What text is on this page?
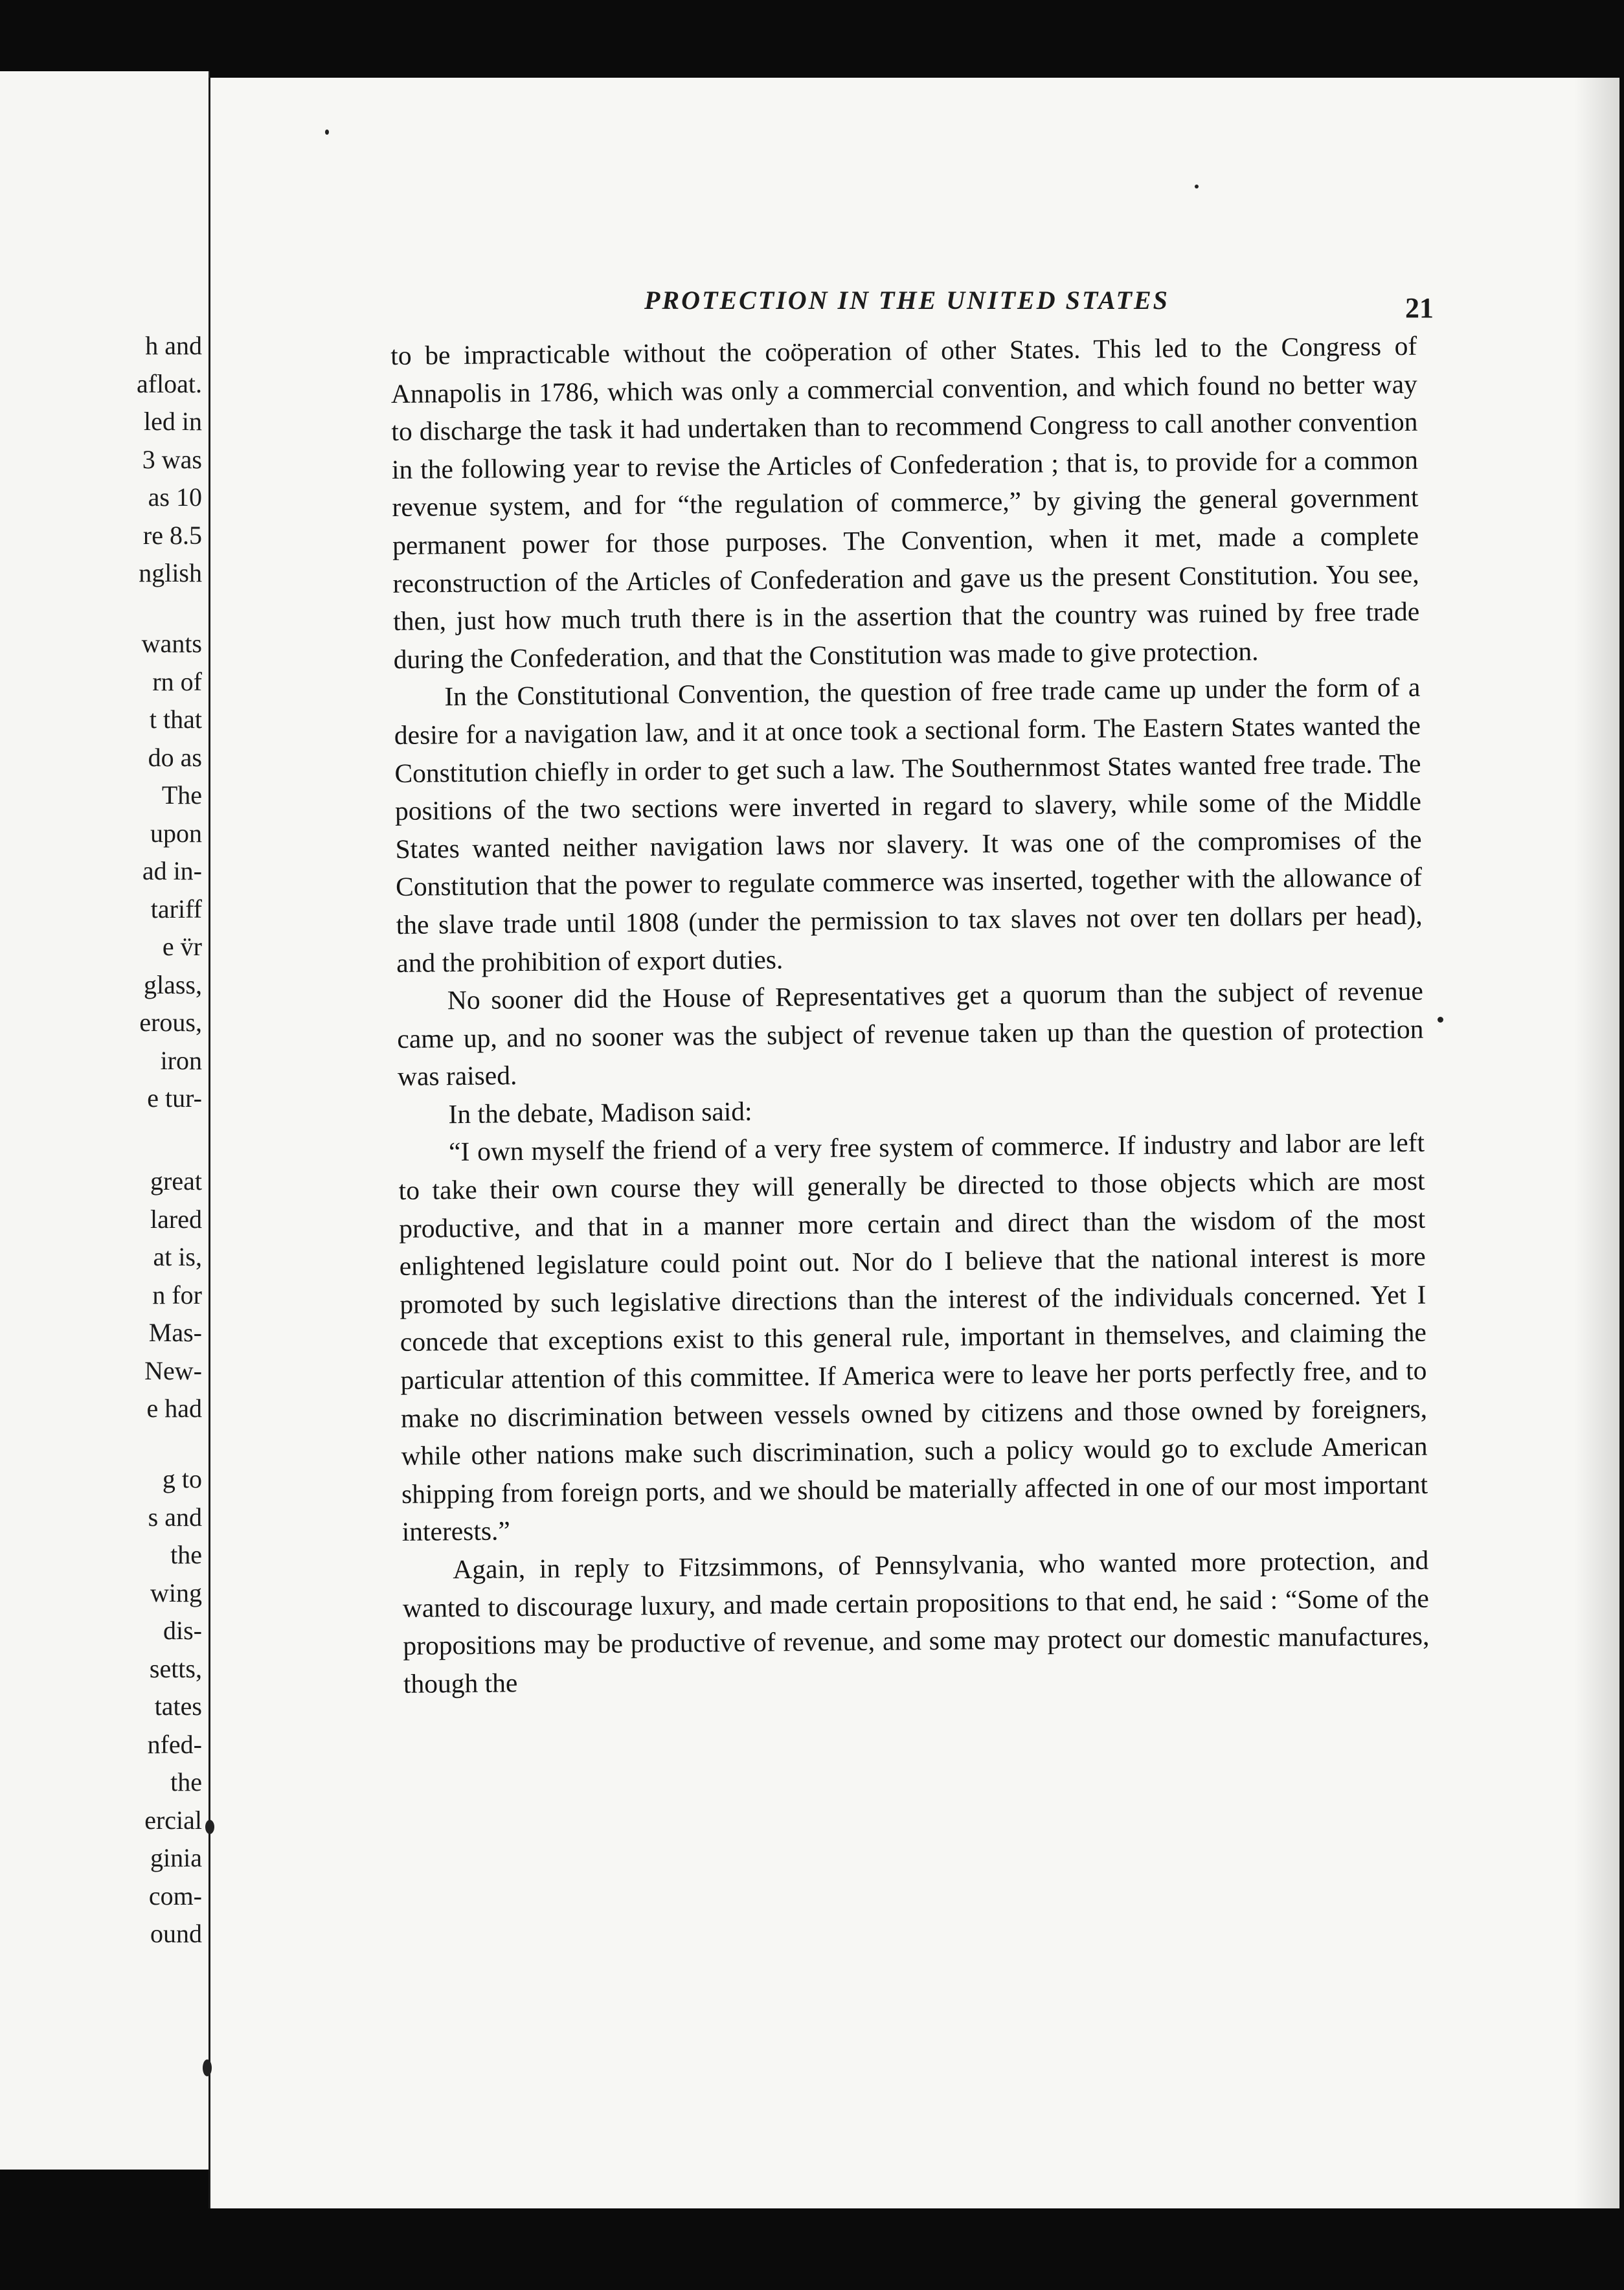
h and
afloat.
led in
3 was
as 10
re 8.5
nglish
wants
rn of
t that
do as
The
upon
ad in-
tariff
e v̈r
glass,
erous,
iron
e tur-
great
lared
at is,
n for
Mas-
New-
e had
g to
s and
the
wing
dis-
setts,
tates
nfed-
the
ercial
ginia
com-
ound
PROTECTION IN THE UNITED STATES	21

to be impracticable without the coöperation of other States. This led to the Congress of Annapolis in 1786, which was only a commercial convention, and which found no better way to discharge the task it had undertaken than to recommend Congress to call another convention in the following year to revise the Articles of Confederation ; that is, to provide for a common revenue system, and for “the regulation of commerce,” by giving the general government permanent power for those purposes. The Convention, when it met, made a complete reconstruction of the Articles of Confederation and gave us the present Constitution. You see, then, just how much truth there is in the assertion that the country was ruined by free trade during the Confederation, and that the Constitution was made to give protection.

In the Constitutional Convention, the question of free trade came up under the form of a desire for a navigation law, and it at once took a sectional form. The Eastern States wanted the Constitution chiefly in order to get such a law. The Southernmost States wanted free trade. The positions of the two sections were inverted in regard to slavery, while some of the Middle States wanted neither navigation laws nor slavery. It was one of the compromises of the Constitution that the power to regulate commerce was inserted, together with the allowance of the slave trade until 1808 (under the permission to tax slaves not over ten dollars per head), and the prohibition of export duties.

No sooner did the House of Representatives get a quorum than the subject of revenue came up, and no sooner was the subject of revenue taken up than the question of protection was raised.

In the debate, Madison said:

“I own myself the friend of a very free system of commerce. If industry and labor are left to take their own course they will generally be directed to those objects which are most productive, and that in a manner more certain and direct than the wisdom of the most enlightened legislature could point out. Nor do I believe that the national interest is more promoted by such legislative directions than the interest of the individuals concerned. Yet I concede that exceptions exist to this general rule, important in themselves, and claiming the particular attention of this committee. If America were to leave her ports perfectly free, and to make no discrimination between vessels owned by citizens and those owned by foreigners, while other nations make such discrimination, such a policy would go to exclude American shipping from foreign ports, and we should be materially affected in one of our most important interests.”

Again, in reply to Fitzsimmons, of Pennsylvania, who wanted more protection, and wanted to discourage luxury, and made certain propositions to that end, he said : “Some of the propositions may be productive of revenue, and some may protect our domestic manufactures, though the
